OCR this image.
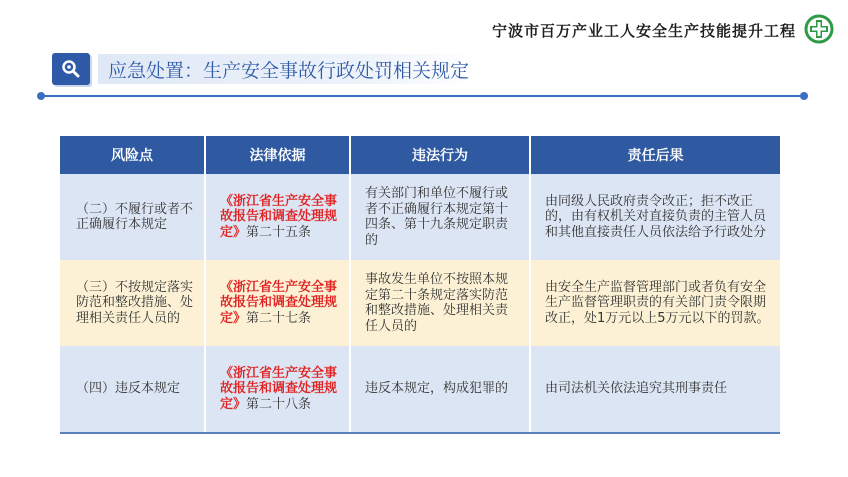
宁波市百万产业工人安全生产技能提升工程
应急处置：生产安全事故行政处罚相关规定
风险点	法律依据	违法行为	责任后果
（二）不履行或者不正确履行本规定	《浙江省生产安全事故报告和调查处理规定》第二十五条	有关部门和单位不履行或者不正确履行本规定第十四条、第十九条规定职责的	由同级人民政府责令改正；拒不改正的，由有权机关对直接负责的主管人员和其他直接责任人员依法给予行政处分
（三）不按规定落实防范和整改措施、处理相关责任人员的	《浙江省生产安全事故报告和调查处理规定》第二十七条	事故发生单位不按照本规定第二十条规定落实防范和整改措施、处理相关责任人员的	由安全生产监督管理部门或者负有安全生产监督管理职责的有关部门责令限期改正，处1万元以上5万元以下的罚款。
（四）违反本规定	《浙江省生产安全事故报告和调查处理规定》第二十八条	违反本规定，构成犯罪的	由司法机关依法追究其刑事责任
